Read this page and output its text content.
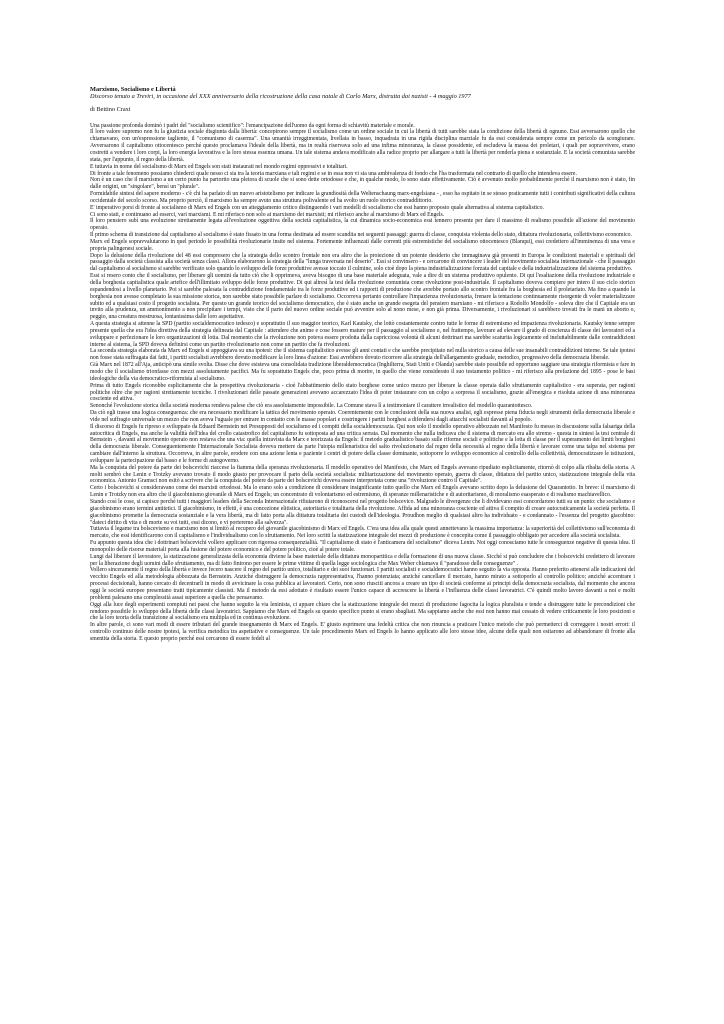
Marxismo, Socialismo e Libertà

Discorso tenuto a Treviri, in occasione del XXX anniversario della ricostruzione della casa natale di Carlo Marx, distrutta dai nazisti - 4 maggio 1977

di Bettino Craxi

Una passione profonda dominò i padri del "socialismo scientifico": l'emancipazione dell'uomo da ogni forma di schiavitù materiale e morale.

Il loro valore supremo non fu la giustizia sociale disgiunta dalla libertà: concepirono sempre il socialismo come un ordine sociale in cui la libertà di tutti sarebbe stata la condizione della libertà di ognuno. Essi avversarono quello che chiamavano, con un'espressione tagliente, il "comunismo di caserma". Una umanità irreggimentata, livellata in basso, inquadrata in una rigida disciplina marziale fu da essi considerata sempre come un pericolo da scongiurare. Avversarono il capitalismo ottocentesco perché questo proclamava l'ideale della libertà, ma in realtà riservava solo ad una infima minoranza, la classe possidente, ed escludeva la massa dei proletari, i quali per sopravvivere, erano costretti a vendere i loro corpi, la loro energia lavorativa e la loro stessa essenza umana. Un tale sistema andava modificato alla radice proprio per allargare a tutti la libertà per renderla piena e sostanziale. E la società comunista sarebbe stata, per l'appunto, il regno della libertà.

E tuttavia in nome del socialismo di Marx ed Engels son stati instaurati nel mondo regimi oppressivi e totalitari.

Di fronte a tale fenomeno possiamo chiederci quale nesso ci sia tra la teoria marxiana e tali regimi e se in essa non vi sia una ambivalenza di fondo che l'ha trasformata nel contrario di quello che intendeva essere.

Non è un caso che il marxismo a un certo punto ha partorito una pletora di scuole che si sono dette ortodosse e che, in qualche modo, lo sono state effettivamente. Ciò è avvenuto molto probabilmente perché il marxismo non è stato, fin dalle origini, un "singolare", bensì un "plurale".

Formidabile sintesi del sapere moderno - c'è chi ha parlato di un nuovo aristotelismo per indicare la grandiosità della Weltenschaung marx-engelsiana - , esso ha ospitato in se stesso praticamente tutti i contributi significativi della cultura occidentale del secolo scorso. Ma proprio perciò, il marxismo ha sempre avuto una struttura polivalente ed ha svolto un ruolo storico contraddittorio.

E' imperativo porsi di fronte al socialismo di Marx ed Engels con un atteggiamento critico distinguendo i vari modelli di socialismo che essi hanno proposto quale alternativa al sistema capitalistico.

Ci sono stati, e continuano ad esserci, vari marxismi. E mi riferisco non solo ai marxismo dei marxisti; mi riferisco anche al marxismo di Marx ed Engels.

Il loro pensiero subì una evoluzione strettamente legata all'evoluzione oggettiva della società capitalistica, la cui dinamica socio-economica essi tennero presente per dare il massimo di realismo possibile all'azione del movimento operaio.

Il primo schema di transizione dal capitalismo al socialismo è stato fissato in una forma destinata ad essere scandita nei seguenti passaggi: guerra di classe, conquista violenta dello stato, dittatura rivoluzionaria, collettivismo economico.

Marx ed Engels sopravvalutarono in quel periodo le possibilità rivoluzionarie insite nel sistema. Fortemente influenzati dalle correnti più estremistiche del socialismo ottocentesco (Blanqui), essi credettero all'imminenza di una vera e propria palingenesi sociale.

Dopo la delusione della rivoluzione del 48 essi compresero che la strategia dello scontro frontale non era altro che la proiezione di un potente desiderio che immaginava già presenti in Europa le condizioni materiali e spirituali del passaggio dalla società classista alla società senza classi. Allora elaborarono la strategia della "lunga traversata nel deserto". Essi si convinsero - e cercarono di convincere i leader del movimento socialista internazionale - che il passaggio dal capitalismo al socialismo si sarebbe verificato solo quando lo sviluppo delle forze produttive avesse toccato il culmine, solo cioè dopo la piena industrializzazione forzata del capitale e della industrializzazione del sistema produttivo.

Essi si resero conto che il socialismo, per liberare gli uomini da tutto ciò che li opprimeva, aveva bisogno di una base materiale adeguata, vale a dire di un sistema produttivo opulento. Di qui l'esaltazione della rivoluzione industriale e della borghesia capitalistica quale artefice dell'illimitato sviluppo delle forze produttive. Di qui altresì la tesi della rivoluzione comunista come rivoluzione post-industriale. Il capitalismo doveva compiere per intero il suo ciclo storico espandendosi a livello planetario. Poi si sarebbe palesata la contraddizione fondamentale tra le forze produttive ed i rapporti di produzione che avrebbe portato allo scontro frontale fra la borghesia ed il proletariato. Ma fino a quando la borghesia non avesse completato la sua missione storica, non sarebbe stato possibile parlare di socialismo. Occorreva pertanto controllare l'impazienza rivoluzionaria, frenare la tentazione continuamente risorgente di voler materializzare subito ed a qualsiasi costo il progetto socialista. Per questo un grande teorico del socialismo democratico, che è stato anche un grande esegeta del pensiero marxiano - mi riferisco a Rodolfo Mondolfo - soleva dire che il Capitale era un invito alla prudenza, un ammonimento a non precipitare i tempi, visto che il parto del nuovo ordine sociale può avvenire solo al nono mese, e non già prima. Diversamente, i rivoluzionari si sarebbero trovati fra le mani un aborto o, peggio, una creatura mostruosa, lontanissima dalle loro aspettative.

A questa strategia si attenne la SPD (partito socialdemocratico tedesco) e soprattutto il suo maggior teorico, Karl Kautsky, che lottò costantemente contro tutte le forme di estremismo ed impazienza rivoluzionaria. Kautsky tenne sempre presente quella che era l'idea direttiva della strategia delineata dal Capitale : attendere che anime e cose fossero mature per il passaggio al socialismo e, nel frattempo, lavorare ad elevare il grado di coscienza di classe dei lavoratori ed a sviluppare e perfezionare le loro organizzazioni di lotta. Dal momento che la rivoluzione non poteva essere prodotta dalla capricciosa volontà di alcuni dottrinari ma sarebbe scaturita logicamente ed ineluttabilmente dalle contraddizioni interne al sistema, la SPD doveva definirsi come un partito rivoluzionario non come un partito che fa rivoluzioni.

La seconda strategia elaborata da Marx ed Engels si appoggiava su una ipotesi: che il sistema capitalistico avesse gli anni contati e che sarebbe precipitato nel nulla storico a causa delle sue insanabili contraddizioni interne. Se tale ipotesi non fosse stata suffragata dai fatti, i partiti socialisti avrebbero dovuto modificare la loro linea d'azione: Essi avrebbero dovuto ricorrere alla strategia dell'allargamento graduale, metodico, progressivo della democrazia liberale.

Già Marx nel 1872 all'Aja, anticipò una simile svolta. Disse che dove esisteva una consolidata tradizione liberaldemocratica (Inghilterra, Stati Uniti e Olanda) sarebbe stato possibile ed opportuno saggiare una strategia riformista e fare in modo che il socialismo trionfasse con mezzi assolutamente pacifici. Ma fu soprattutto Engels che, poco prima di morire, in quello che viene considerato il suo testamento politico - mi riferisco alla prefazione del 1895 - pose le basi ideologiche della via democratico-riformista al socialismo.

Prima di tutto Engels riconobbe esplicitamente che la prospettiva rivoluzionaria - cioè l'abbattimento dello stato borghese come unico mezzo per liberare la classe operaia dallo sfruttamento capitalistico - era superata, per ragioni politiche oltre che per ragioni strettamente tecniche. I rivoluzionari delle passate generazioni avevano accarezzato l'idea di poter instaurare con un colpo a sorpresa il socialismo, grazie all'energica e risoluta azione di una minoranza cosciente ed attiva.

Senonché l'evoluzione storica della società moderna rendeva palese che ciò era assolutamente impossibile. La Comune stava lì a testimoniare il carattere irrealistico del modello quarantottesco.

Da ciò egli trasse una logica conseguenza: che era necessario modificare la tattica del movimento operaio. Coerentemente con le conclusioni della sua nuova analisi, egli espresse piena fiducia negli strumenti della democrazia liberale e vide nel suffragio universale un mezzo che non aveva l'uguale per entrare in contatto con le masse popolari e costringere i partiti borghesi a difendersi dagli attacchi socialisti davanti al popolo.

Il discorso di Engels fu ripreso e sviluppato da Eduard Bernstein nei Presupposti del socialismo ed i compiti della socialdemocrazia. Qui non solo il modello operativo abbozzato nel Manifesto fu messo in discussione sulla falsariga della autocritica di Engels, ma anche la validità dell'idea del crollo catastrofico del capitalismo fu sottoposta ad una critica serrata. Dal momento che nulla indicava che il sistema di mercato era allo stremo - questa in sintesi la tesi centrale di Bernstein -, davanti al movimento operaio non restava che una via: quella intravista da Marx e teorizzata da Engels: il metodo gradualistico basato sulle riforme sociali e politiche e la lotta di classe per il superamento dei limiti borghesi della democrazia liberale. Conseguentemente l'Internazionale Socialista doveva mettere da parte l'utopia millenaristica del salto rivoluzionario dal regno della necessità al regno della libertà e lavorare come una talpa nel sistema per cambiare dall'interno la struttura. Occorreva, in altre parole, erodere con una azione lenta e paziente i centri di potere della classe dominante, sottoporre lo sviluppo economico al controllo della collettività, democratizzare le istituzioni, sviluppare la partecipazione dal basso e le forme di autogoverno.

Ma la conquista del potere da parte dei bolscevichi riaccese la fiamma della speranza rivoluzionaria. Il modello operativo del Manifesto, che Marx ed Engels avevano ripudiato esplicitamente, ritornò di colpo alla ribalta della storia. A molti sembrò che Lenin e Trotzky avevano trovato il modo giusto per provocare il parto della società socialista: militarizzazione del movimento operaio, guerra di classe, dittatura del partito unico, statizzazione integrale della vita economica. Antonio Gramsci non esitò a scrivere che la conquista del potere da parte dei bolscevichi doveva essere interpretata come una "rivoluzione contro il Capitale".

Certo i bolscevichi si consideravano come dei marxisti ortodossi. Ma lo erano solo a condizione di considerare insignificante tutto quello che Marx ed Engels avevano scritto dopo la delusione del Quarantotto. In breve: il marxismo di Lenin e Trotzky non era altro che il giacobinismo giovanile di Marx ed Engels; un concentrato di volontarismo ed estremismo, di speranze millenaristiche e di autoritarismo, di moralismo esasperato e di realismo machiavellico.

Stando così le cose, si capisce perché tutti i maggiori leaders della Seconda Internazionale rifiutarono di riconoscersi nel progetto bolscevico. Malgrado le divergenze che li dividevano essi concordarono tutti su un punto: che socialismo e giacobinismo erano termini antitetici. Il giacobinismo, in effetti, è una concezione elitistica, autoritaria e totalitaria della rivoluzione. Affida ad una minoranza cosciente ed attiva il compito di creare autocraticamente la società perfetta. Il giacobinismo promette la democrazia sostanziale e la vera libertà, ma di fatto porta alla dittatura totalitaria dei custodi dell'ideologia. Proudhon meglio di qualsiasi altro ha individuato - e condannato - l'essenza del progetto giacobino: "dateci diritto di vita e di morte su voi tutti, essi dicono, e vi porteremo alla salvezza".

Tuttavia il legame tra bolscevismo e marxismo non si limitò al recupero del giovanile giacobinismo di Marx ed Engels. C'era una idea alla quale questi annettevano la massima importanza: la superiorità del collettivismo sull'economia di mercato, che essi identificarono con il capitalismo e l'individualismo con lo sfruttamento. Nei loro scritti la statizzazione integrale dei mezzi di produzione è concepita come il passaggio obbligato per accedere alla società socialista.

Fu appunto questa idea che i dottrinari bolscevichi vollero applicare con rigorosa consequenzialità. "Il capitalismo di stato è l'anticamera del socialismo" diceva Lenin. Noi oggi conosciamo tutte le conseguenze negative di questa idea. Il monopolio delle risorse materiali porta alla fusione del potere economico e del potere politico, cioè al potere totale.

Lungi dal liberare il lavoratore, la statizzazione generalizzata della economia diviene la base materiale della dittatura monopartitica e della formazione di una nuova classe. Sicché si può concludere che i bolscevichi credettero di lavorare per la liberazione degli uomini dallo sfruttamento, ma di fatto finirono per essere le prime vittime di quella legge sociologica che Max Weber chiamava il "paradosso delle conseguenze" .

Vollero sinceramente il regno della libertà e invece fecero nascere il regno del partito unico, totalitario e dei suoi funzionari. I partiti socialisti e socialdemocratici hanno seguito la via opposta. Hanno preferito attenersi alle indicazioni del vecchio Engels ed alla metodologia abbozzata da Bernstein. Anziché distruggere la democrazia rappresentativa, l'hanno potenziata; anziché cancellare il mercato, hanno mirato a sottoporlo al controllo politico; anziché accentrare i processi decisionali, hanno cercato di decentrarli in modo di avvicinare la cosa pubblica ai lavoratori. Certo, non sono riusciti ancora a creare un tipo di società conforme ai principi della democrazia socialista, dal momento che ancora oggi le società europee presentano tratti tipicamente classisti. Ma il metodo da essi adottato è risultato essere l'unico capace di accrescere la libertà e l'influenza delle classi lavoratrici. C'è quindi molto lavoro davanti a noi e molti problemi palesano una complessità assai superiore a quella che pensavamo.

Oggi alla luce degli esperimenti compiuti nei paesi che hanno seguito la via leninista, ci appare chiaro che la statizzazione integrale dei mezzi di produzione fagocita la logica pluralista e tende a distruggere tutte le precondizioni che rendono possibile lo sviluppo della libertà delle classi lavoratrici. Sappiamo che Marx ed Engels su questo specifico punto si erano sbagliati. Ma sappiamo anche che essi non hanno mai cessato di vedere criticamente le loro posizioni e che la loro teoria della transizione al socialismo era multipla ed in continua evoluzione.

In altre parole, ci sono vari modi di essere tributari del grande insegnamento di Marx ed Engels. E' giusto esprimere una fedeltà critica che non rinuncia a praticare l'unico metodo che può permetterci di correggere i nostri errori: il controllo continuo delle nostre ipotesi, la verifica metodica tra aspettative e conseguenze. Un tale procedimento Marx ed Engels lo hanno applicato alle loro stesse idee, alcune delle quali non esitarono ad abbandonare di fronte alla smentita della storia. E questo proprio perché essi cercarono di essere fedeli al
